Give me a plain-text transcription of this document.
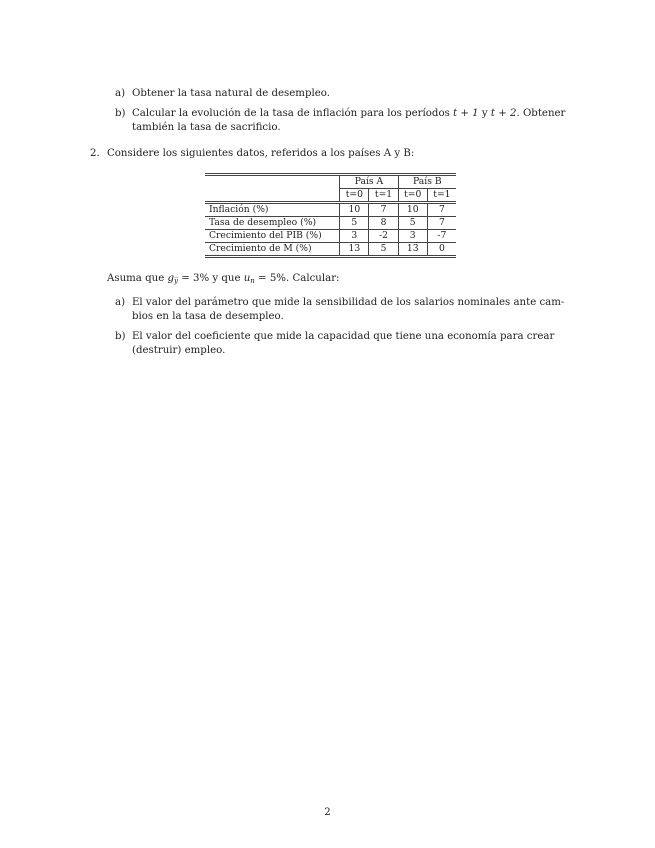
a) Obtener la tasa natural de desempleo.
b) Calcular la evolución de la tasa de inflación para los períodos t + 1 y t + 2. Obtener
también la tasa de sacrificio.
2. Considere los siguientes datos, referidos a los países A y B:
	País A		País B	
	t=0	t=1	t=0	t=1
Inflación (%)	10	7	10	7
Tasa de desempleo (%)	5	8	5	7
Crecimiento del PIB (%)	3	-2	3	-7
Crecimiento de M (%)	13	5	13	0
Asuma que $g_{y̅} = 3\%$ y que $u_n = 5\%$. Calcular:
a) El valor del parámetro que mide la sensibilidad de los salarios nominales ante cam-
bios en la tasa de desempleo.
b) El valor del coeficiente que mide la capacidad que tiene una economía para crear
(destruir) empleo.
2
